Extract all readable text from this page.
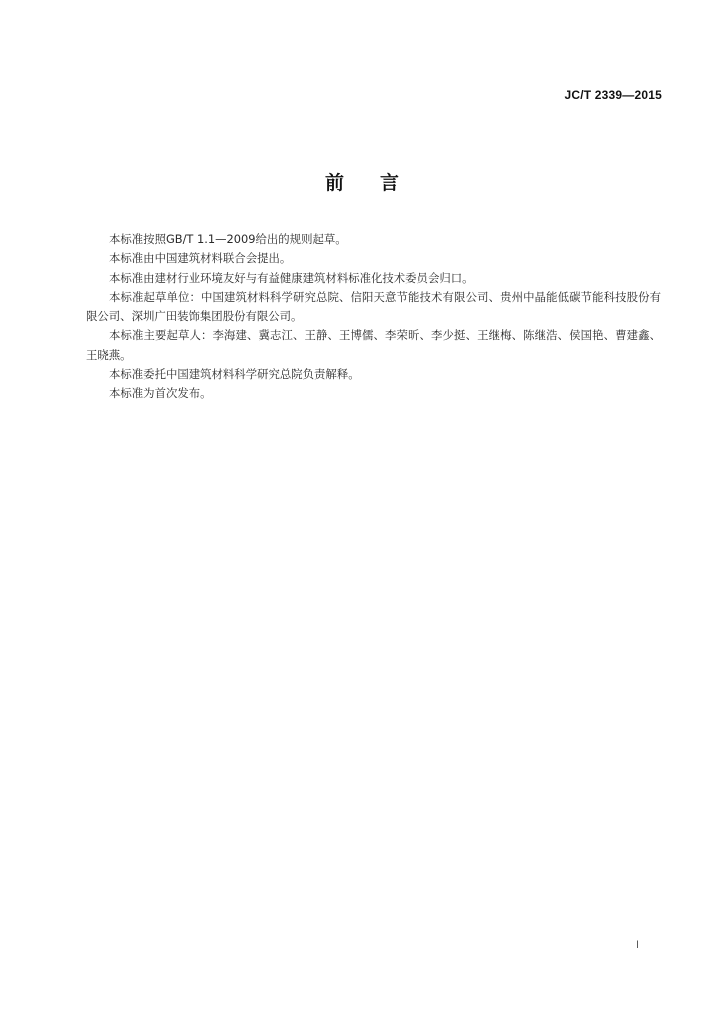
JC/T 2339—2015
前言

本标准按照GB/T 1.1—2009给出的规则起草。

本标准由中国建筑材料联合会提出。

本标准由建材行业环境友好与有益健康建筑材料标准化技术委员会归口。

本标准起草单位：中国建筑材料科学研究总院、信阳天意节能技术有限公司、贵州中晶能低碳节能科技股份有限公司、深圳广田装饰集团股份有限公司。

本标准主要起草人：李海建、冀志江、王静、王博儒、李荣昕、李少挺、王继梅、陈继浩、侯国艳、曹建鑫、王晓燕。

本标准委托中国建筑材料科学研究总院负责解释。

本标准为首次发布。

Ⅰ
